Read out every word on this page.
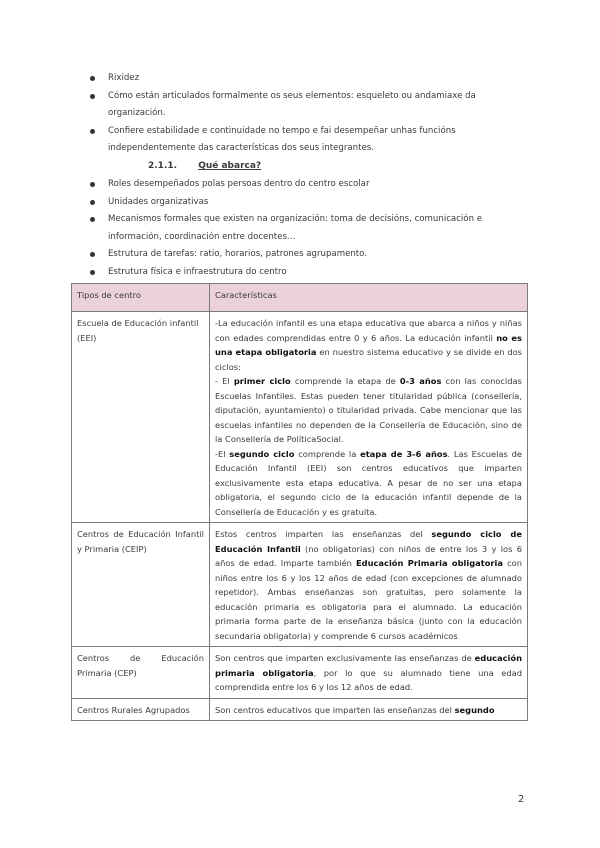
Rixidez
Cómo están articulados formalmente os seus elementos: esqueleto ou andamiaxe da organización.
Confiere estabilidade e continuidade no tempo e fai desempeñar unhas funcións independentemente das características dos seus integrantes.
2.1.1. Qué abarca?
Roles desempeñados polas persoas dentro do centro escolar
Unidades organizativas
Mecanismos formales que existen na organización: toma de decisións, comunicación e información, coordinación entre docentes…
Estrutura de tarefas: ratio, horarios, patrones agrupamento.
Estrutura física e infraestrutura do centro
Tipos de centro	Características
Escuela de Educación infantil (EEI)	-La educación infantil es una etapa educativa que abarca a niños y niñas con edades comprendidas entre 0 y 6 años. La educación infantil no es una etapa obligatoria en nuestro sistema educativo y se divide en dos ciclos:
- El primer ciclo comprende la etapa de 0-3 años con las conocidas Escuelas Infantiles. Estas pueden tener titularidad pública (consellería, diputación, ayuntamiento) o titularidad privada. Cabe mencionar que las escuelas infantiles no dependen de la Consellería de Educación, sino de la Consellería de PolíticaSocial.
-El segundo ciclo comprende la etapa de 3-6 años. Las Escuelas de Educación Infantil (EEI) son centros educativos que imparten exclusivamente esta etapa educativa. A pesar de no ser una etapa obligatoria, el segundo ciclo de la educación infantil depende de la Consellería de Educación y es gratuita.
Centros de Educación Infantil y Primaria (CEIP)	Estos centros imparten las enseñanzas del segundo ciclo de Educación Infantil (no obligatorias) con niños de entre los 3 y los 6 años de edad. Imparte también Educación Primaria obligatoria con niños entre los 6 y los 12 años de edad (con excepciones de alumnado repetidor). Ambas enseñanzas son gratuitas, pero solamente la educación primaria es obligatoria para el alumnado. La educación primaria forma parte de la enseñanza básica (junto con la educación secundaria obligatoria) y comprende 6 cursos académicos
Centros de Educación Primaria (CEP)	Son centros que imparten exclusivamente las enseñanzas de educación primaria obligatoria, por lo que su alumnado tiene una edad comprendida entre los 6 y los 12 años de edad.
Centros Rurales Agrupados	Son centros educativos que imparten las enseñanzas del segundo
2
